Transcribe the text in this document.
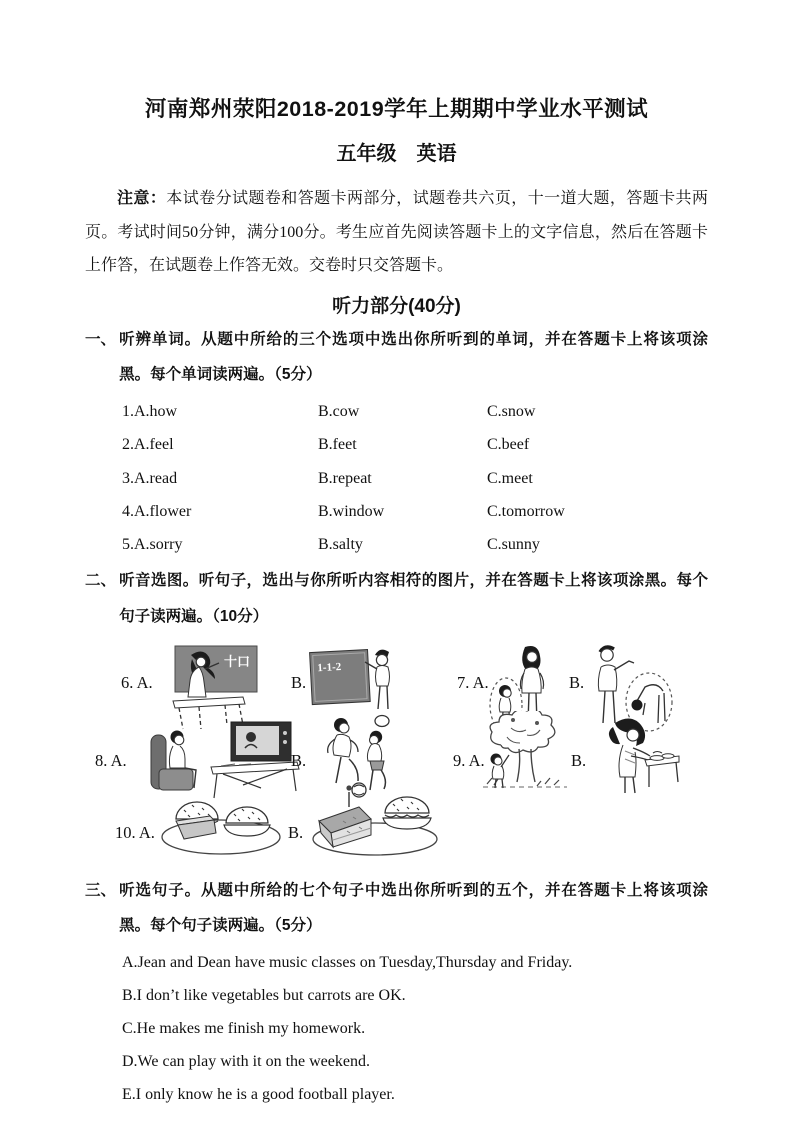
河南郑州荥阳2018-2019学年上期期中学业水平测试
五年级　英语

注意：本试卷分试题卷和答题卡两部分，试题卷共六页，十一道大题，答题卡共两页。考试时间50分钟，满分100分。考生应首先阅读答题卡上的文字信息，然后在答题卡上作答，在试题卷上作答无效。交卷时只交答题卡。

听力部分(40分)
一、 听辨单词。从题中所给的三个选项中选出你所听到的单词，并在答题卡上将该项涂黑。每个单词读两遍。（5分）
1.A.how	B.cow	C.snow
2.A.feel	B.feet	C.beef
3.A.read	B.repeat	C.meet
4.A.flower	B.window	C.tomorrow
5.A.sorry	B.salty	C.sunny
二、 听音选图。听句子，选出与你所听内容相符的图片，并在答题卡上将该项涂黑。每个句子读两遍。（10分）
6. A.
十口
B.
1-1-2
7. A.	B.
8. A.	B.	9. A.	B.
10. A.	B.
三、 听选句子。从题中所给的七个句子中选出你所听到的五个，并在答题卡上将该项涂黑。每个句子读两遍。（5分）
A.Jean and Dean have music classes on Tuesday,Thursday and Friday.
B.I don’t like vegetables but carrots are OK.
C.He makes me finish my homework.
D.We can play with it on the weekend.
E.I only know he is a good football player.
